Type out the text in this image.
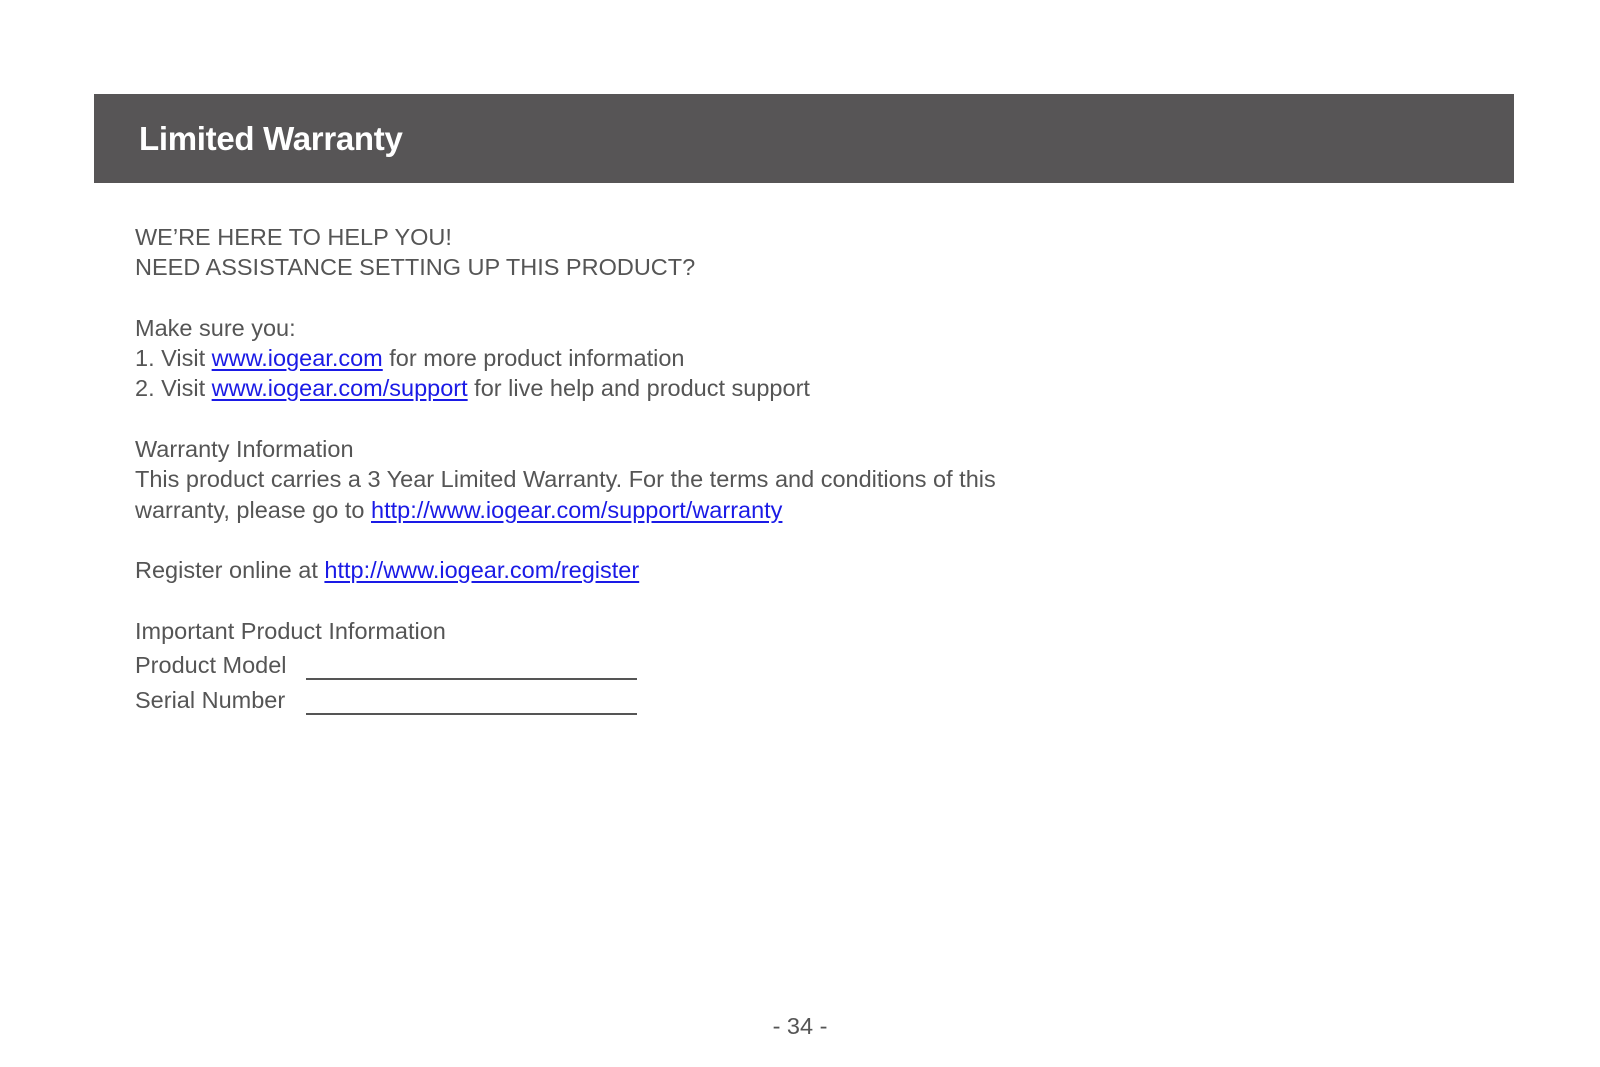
Limited Warranty
WE’RE HERE TO HELP YOU!
NEED ASSISTANCE SETTING UP THIS PRODUCT?
Make sure you:
1. Visit www.iogear.com for more product information
2. Visit www.iogear.com/support for live help and product support
Warranty Information
This product carries a 3 Year Limited Warranty. For the terms and conditions of this
warranty, please go to http://www.iogear.com/support/warranty
Register online at http://www.iogear.com/register
Important Product Information
Product Model
Serial Number
- 34 -
